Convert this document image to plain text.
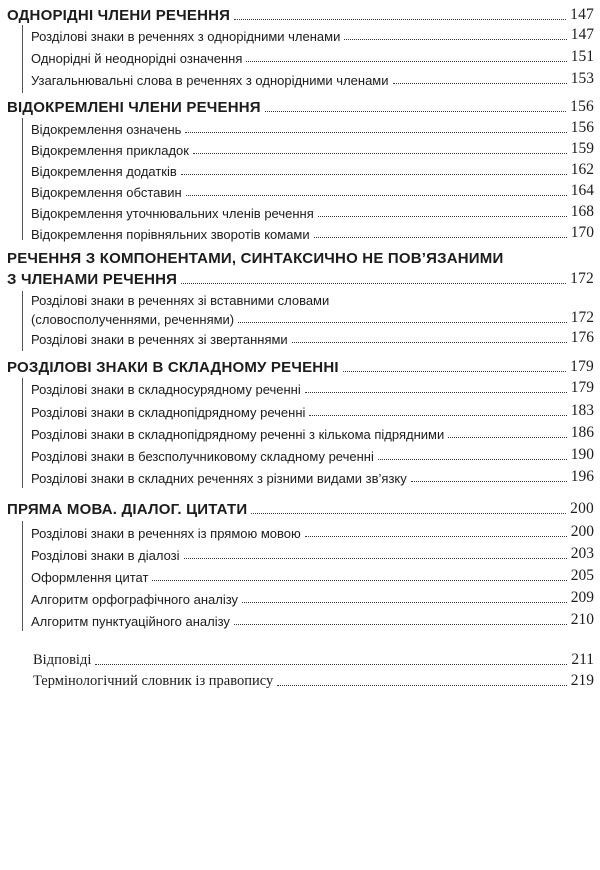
ОДНОРІДНІ ЧЛЕНИ РЕЧЕННЯ	147
Розділові знаки в реченнях з однорідними членами	147
Однорідні й неоднорідні означення	151
Узагальнювальні слова в реченнях з однорідними членами	153
ВІДОКРЕМЛЕНІ ЧЛЕНИ РЕЧЕННЯ	156
Відокремлення означень	156
Відокремлення прикладок	159
Відокремлення додатків	162
Відокремлення обставин	164
Відокремлення уточнювальних членів речення	168
Відокремлення порівняльних зворотів комами	170
РЕЧЕННЯ З КОМПОНЕНТАМИ, СИНТАКСИЧНО НЕ ПОВ’ЯЗАНИМИ
З ЧЛЕНАМИ РЕЧЕННЯ	172
Розділові знаки в реченнях зі вставними словами
(словосполученнями, реченнями)	172
Розділові знаки в реченнях зі звертаннями	176
РОЗДІЛОВІ ЗНАКИ В СКЛАДНОМУ РЕЧЕННІ	179
Розділові знаки в складносурядному реченні	179
Розділові знаки в складнопідрядному реченні	183
Розділові знаки в складнопідрядному реченні з кількома підрядними	186
Розділові знаки в безсполучниковому складному реченні	190
Розділові знаки в складних реченнях з різними видами зв’язку	196
ПРЯМА МОВА. ДІАЛОГ. ЦИТАТИ	200
Розділові знаки в реченнях із прямою мовою	200
Розділові знаки в діалозі	203
Оформлення цитат	205
Алгоритм орфографічного аналізу	209
Алгоритм пунктуаційного аналізу	210
Відповіді	211
Термінологічний словник із правопису	219
